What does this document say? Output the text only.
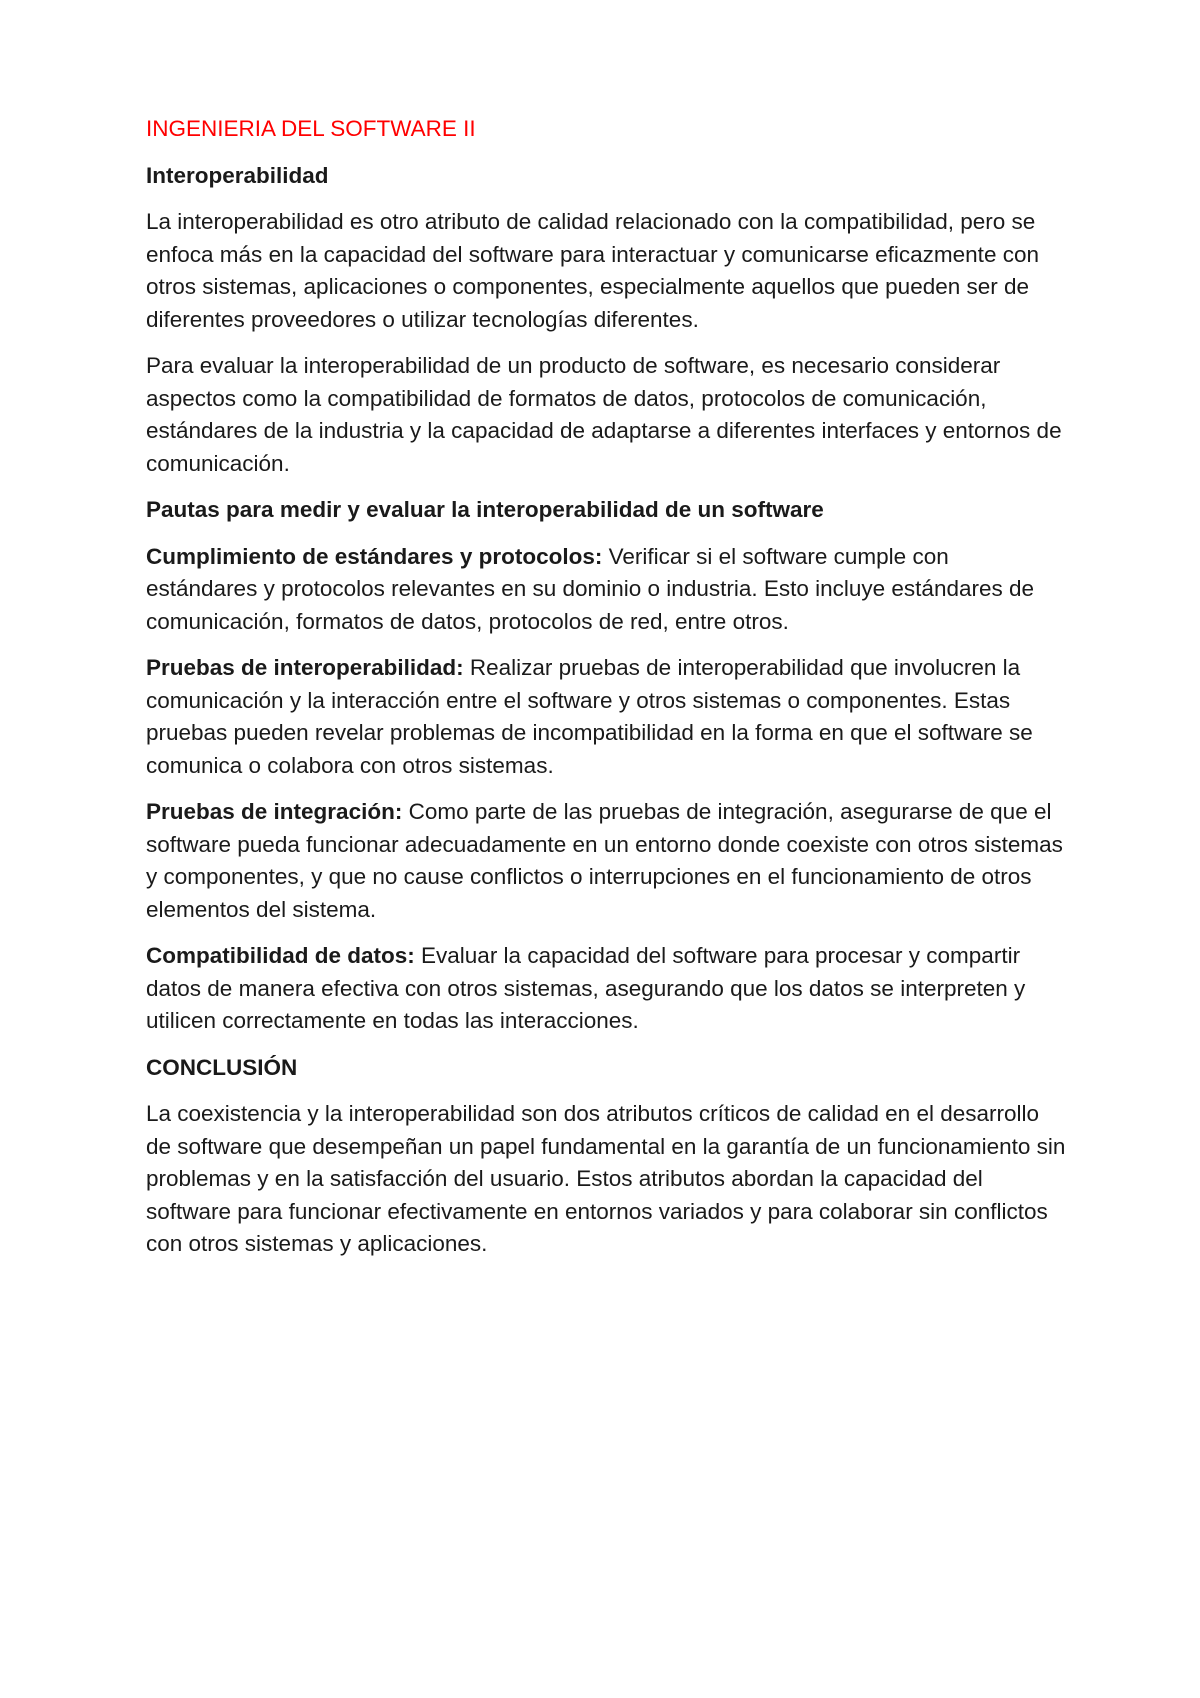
INGENIERIA DEL SOFTWARE II
Interoperabilidad

La interoperabilidad es otro atributo de calidad relacionado con la compatibilidad, pero se enfoca más en la capacidad del software para interactuar y comunicarse eficazmente con otros sistemas, aplicaciones o componentes, especialmente aquellos que pueden ser de diferentes proveedores o utilizar tecnologías diferentes.

Para evaluar la interoperabilidad de un producto de software, es necesario considerar aspectos como la compatibilidad de formatos de datos, protocolos de comunicación, estándares de la industria y la capacidad de adaptarse a diferentes interfaces y entornos de comunicación.

Pautas para medir y evaluar la interoperabilidad de un software

Cumplimiento de estándares y protocolos: Verificar si el software cumple con estándares y protocolos relevantes en su dominio o industria. Esto incluye estándares de comunicación, formatos de datos, protocolos de red, entre otros.

Pruebas de interoperabilidad: Realizar pruebas de interoperabilidad que involucren la comunicación y la interacción entre el software y otros sistemas o componentes. Estas pruebas pueden revelar problemas de incompatibilidad en la forma en que el software se comunica o colabora con otros sistemas.

Pruebas de integración: Como parte de las pruebas de integración, asegurarse de que el software pueda funcionar adecuadamente en un entorno donde coexiste con otros sistemas y componentes, y que no cause conflictos o interrupciones en el funcionamiento de otros elementos del sistema.

Compatibilidad de datos: Evaluar la capacidad del software para procesar y compartir datos de manera efectiva con otros sistemas, asegurando que los datos se interpreten y utilicen correctamente en todas las interacciones.

CONCLUSIÓN

La coexistencia y la interoperabilidad son dos atributos críticos de calidad en el desarrollo de software que desempeñan un papel fundamental en la garantía de un funcionamiento sin problemas y en la satisfacción del usuario. Estos atributos abordan la capacidad del software para funcionar efectivamente en entornos variados y para colaborar sin conflictos con otros sistemas y aplicaciones.
